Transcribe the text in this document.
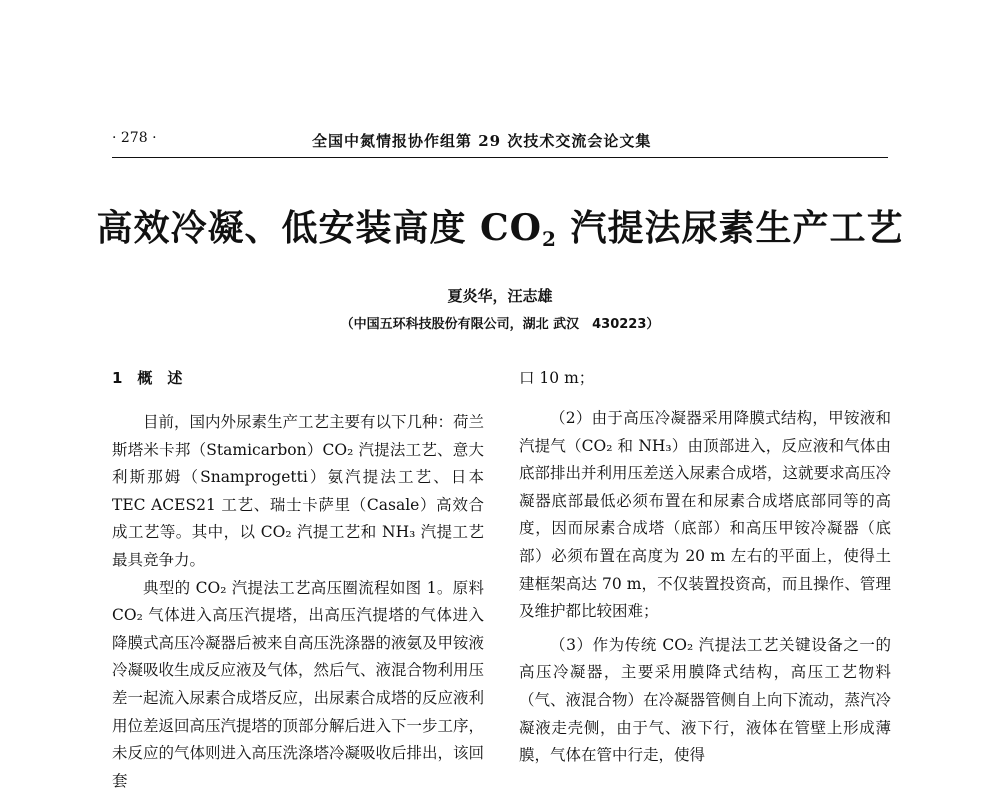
· 278 ·	全国中氮情报协作组第 29 次技术交流会论文集
高效冷凝、低安装高度 $CO_2$ 汽提法尿素生产工艺
夏炎华，汪志雄
（中国五环科技股份有限公司，湖北 武汉　430223）
1　概　述

目前，国内外尿素生产工艺主要有以下几种：荷兰斯塔米卡邦（Stamicarbon）CO₂ 汽提法工艺、意大利斯那姆（Snamprogetti）氨汽提法工艺、日本 TEC ACES21 工艺、瑞士卡萨里（Casale）高效合成工艺等。其中，以 CO₂ 汽提工艺和 NH₃ 汽提工艺最具竞争力。

典型的 CO₂ 汽提法工艺高压圈流程如图 1。原料 CO₂ 气体进入高压汽提塔，出高压汽提塔的气体进入降膜式高压冷凝器后被来自高压洗涤器的液氨及甲铵液冷凝吸收生成反应液及气体，然后气、液混合物利用压差一起流入尿素合成塔反应，出尿素合成塔的反应液利用位差返回高压汽提塔的顶部分解后进入下一步工序，未反应的气体则进入高压洗涤塔冷凝吸收后排出，该回套

口 10 m；

（2）由于高压冷凝器采用降膜式结构，甲铵液和汽提气（CO₂ 和 NH₃）由顶部进入，反应液和气体由底部排出并利用压差送入尿素合成塔，这就要求高压冷凝器底部最低必须布置在和尿素合成塔底部同等的高度，因而尿素合成塔（底部）和高压甲铵冷凝器（底部）必须布置在高度为 20 m 左右的平面上，使得土建框架高达 70 m，不仅装置投资高，而且操作、管理及维护都比较困难；

（3）作为传统 CO₂ 汽提法工艺关键设备之一的高压冷凝器，主要采用膜降式结构，高压工艺物料（气、液混合物）在冷凝器管侧自上向下流动，蒸汽冷凝液走壳侧，由于气、液下行，液体在管壁上形成薄膜，气体在管中行走，使得
